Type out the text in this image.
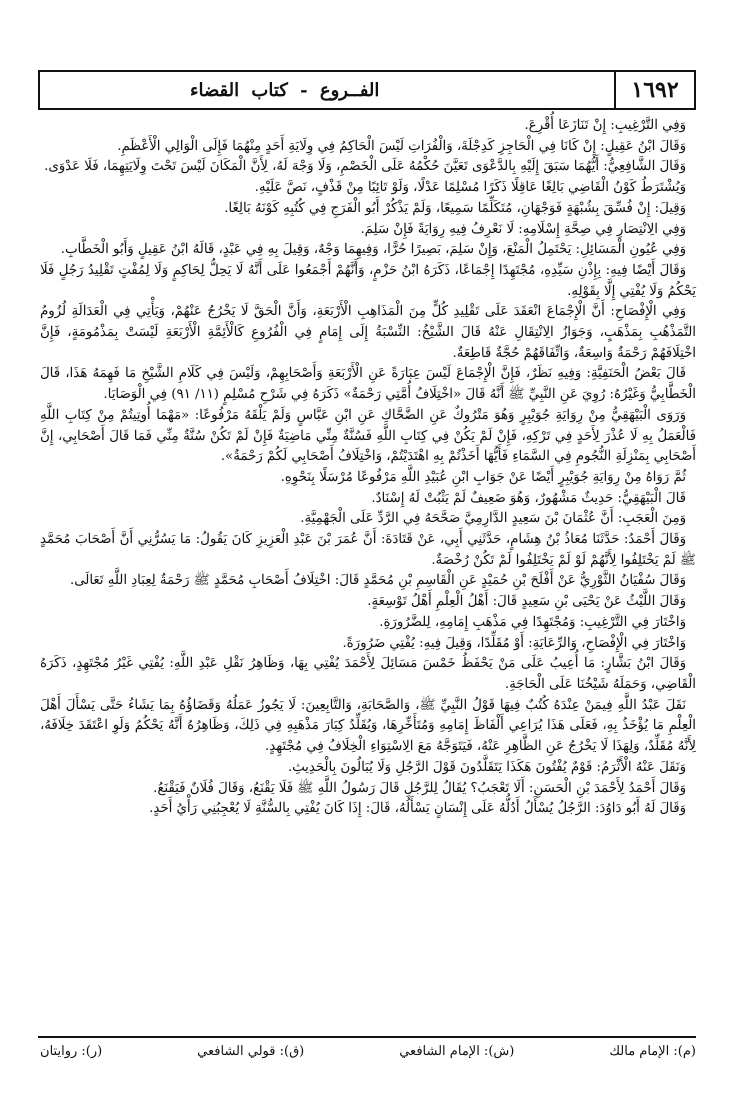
١٦٩٢
الفــروع - كتاب القضاء

وَفِي التَّرْغِيبِ: إِنْ تَنَازَعَا أُقْرِعَ.

وَقَالَ ابْنُ عَقِيلٍ: إِنْ كَانَا فِي الْحَاجِزِ كَدِجْلَةَ، وَالْفُرَاتِ لَيْسَ الْحَاكِمُ فِي وِلَايَةِ أَحَدٍ مِنْهُمَا فَإِلَى الْوَالِي الْأَعْظَمِ.

وَقَالَ الشَّافِعِيُّ: أَيُّهُمَا سَبَقَ إِلَيْهِ بِالدَّعْوَى تَعَيَّنَ حُكْمُهُ عَلَى الْخَصْمِ، وَلَا وَجْهَ لَهُ، لِأَنَّ الْمَكَانَ لَيْسَ تَحْتَ وِلَايَتِهِمَا، فَلَا عَدْوَى.

وَيُشْتَرَطُ كَوْنُ الْقَاضِي بَالِغًا عَاقِلًا ذَكَرًا مُسْلِمًا عَدْلًا، وَلَوْ تَائِبًا مِنْ قَذْفٍ، نَصَّ عَلَيْهِ.

وَقِيلَ: إِنْ فُسِّقَ بِشُبْهَةٍ فَوَجْهَانِ، مُتَكَلِّمًا سَمِيعًا، وَلَمْ يَذْكُرْ أَبُو الْفَرَجِ فِي كُتُبِهِ كَوْنَهُ بَالِغًا.

وَفِي الِانْتِصَارِ فِي صِحَّةِ إِسْلَامِهِ: لَا نَعْرِفُ فِيهِ رِوَايَةً فَإِنْ سَلِمَ.

وَفِي عُيُونِ الْمَسَائِلِ: يَحْتَمِلُ الْمَنْعَ، وَإِنْ سَلِمَ، بَصِيرًا حُرًّا، وَفِيهِمَا وَجْهٌ، وَقِيلَ بِهِ فِي عَبْدٍ، قَالَهُ ابْنُ عَقِيلٍ وَأَبُو الْخَطَّابِ.

وَقَالَ أَيْضًا فِيهِ: بِإِذْنِ سَيِّدِهِ، مُجْتَهِدًا إِجْمَاعًا، ذَكَرَهُ ابْنُ حَزْمٍ، وَأَنَّهُمْ أَجْمَعُوا عَلَى أَنَّهُ لَا يَحِلُّ لِحَاكِمٍ وَلَا لِمُفْتٍ تَقْلِيدُ رَجُلٍ فَلَا يَحْكُمُ وَلَا يُفْتِي إِلَّا بِقَوْلِهِ.

وَفِي الْإِفْصَاحِ: أَنَّ الْإِجْمَاعَ انْعَقَدَ عَلَى تَقْلِيدِ كُلٍّ مِنَ الْمَذَاهِبِ الْأَرْبَعَةِ، وَأَنَّ الْحَقَّ لَا يَخْرُجُ عَنْهُمْ، وَيَأْتِي فِي الْعَدَالَةِ لُزُومُ التَّمَذْهُبِ بِمَذْهَبٍ، وَجَوَازُ الِانْتِقَالِ عَنْهُ قَالَ الشَّيْخُ: النِّسْبَةُ إِلَى إِمَامٍ فِي الْفُرُوعِ كَالْأَئِمَّةِ الْأَرْبَعَةِ لَيْسَتْ بِمَذْمُومَةٍ، فَإِنَّ اخْتِلَافَهُمْ رَحْمَةٌ وَاسِعَةٌ، وَاتِّفَاقَهُمْ حُجَّةٌ قَاطِعَةٌ.

قَالَ بَعْضُ الْحَنَفِيَّةِ: وَفِيهِ نَظَرٌ، فَإِنَّ الْإِجْمَاعَ لَيْسَ عِبَارَةً عَنِ الْأَرْبَعَةِ وَأَصْحَابِهِمْ، وَلَيْسَ فِي كَلَامِ الشَّيْخِ مَا فَهِمَهُ هَذَا، قَالَ الْخَطَّابِيُّ وَغَيْرُهُ: رُوِيَ عَنِ النَّبِيِّ ﷺ أَنَّهُ قَالَ «اخْتِلَافُ أُمَّتِي رَحْمَةٌ» ذَكَرَهُ فِي شَرْحِ مُسْلِمٍ (١١/ ٩١) فِي الْوَصَايَا.

وَرَوَى الْبَيْهَقِيُّ مِنْ رِوَايَةِ جُوَيْبِرٍ وَهُوَ مَتْرُوكٌ عَنِ الضَّحَّاكِ عَنِ ابْنِ عَبَّاسٍ وَلَمْ يَلْقَهُ مَرْفُوعًا: «مَهْمَا أُوتِيتُمْ مِنْ كِتَابِ اللَّهِ فَالْعَمَلُ بِهِ لَا عُذْرَ لِأَحَدٍ فِي تَرْكِهِ، فَإِنْ لَمْ يَكُنْ فِي كِتَابِ اللَّهِ فَسُنَّةٌ مِنِّي مَاضِيَةٌ فَإِنْ لَمْ تَكُنْ سُنَّةٌ مِنِّي فَمَا قَالَ أَصْحَابِي، إِنَّ أَصْحَابِي بِمَنْزِلَةِ النُّجُومِ فِي السَّمَاءِ فَأَيُّهَا أَخَذْتُمْ بِهِ اهْتَدَيْتُمْ، وَاخْتِلَافُ أَصْحَابِي لَكُمْ رَحْمَةٌ».

ثُمَّ رَوَاهُ مِنْ رِوَايَةِ جُوَيْبِرٍ أَيْضًا عَنْ جَوَابِ ابْنِ عُبَيْدِ اللَّهِ مَرْفُوعًا مُرْسَلًا بِنَحْوِهِ.

قَالَ الْبَيْهَقِيُّ: حَدِيثٌ مَشْهُورٌ، وَهُوَ ضَعِيفٌ لَمْ يَثْبُتْ لَهُ إِسْنَادٌ.

وَمِنَ الْعَجَبِ: أَنَّ عُثْمَانَ بْنَ سَعِيدٍ الدَّارِمِيَّ صَحَّحَهُ فِي الرَّدِّ عَلَى الْجَهْمِيَّةِ.

وَقَالَ أَحْمَدُ: حَدَّثَنَا مُعَاذُ بْنُ هِشَامٍ، حَدَّثَنِي أَبِي، عَنْ قَتَادَةَ: أَنَّ عُمَرَ بْنَ عَبْدِ الْعَزِيزِ كَانَ يَقُولُ: مَا يَسُرُّنِي أَنَّ أَصْحَابَ مُحَمَّدٍ ﷺ لَمْ يَخْتَلِفُوا لِأَنَّهُمْ لَوْ لَمْ يَخْتَلِفُوا لَمْ تَكُنْ رُخْصَةٌ.

وَقَالَ سُفْيَانُ الثَّوْرِيُّ عَنْ أَفْلَحَ بْنِ حُمَيْدٍ عَنِ الْقَاسِمِ بْنِ مُحَمَّدٍ قَالَ: اخْتِلَافُ أَصْحَابِ مُحَمَّدٍ ﷺ رَحْمَةٌ لِعِبَادِ اللَّهِ تَعَالَى.

وَقَالَ اللَّيْثُ عَنْ يَحْيَى بْنِ سَعِيدٍ قَالَ: أَهْلُ الْعِلْمِ أَهْلُ تَوْسِعَةٍ.

وَاخْتَارَ فِي التَّرْغِيبِ: وَمُجْتَهِدًا فِي مَذْهَبِ إِمَامِهِ، لِلضَّرُورَةِ.

وَاخْتَارَ فِي الْإِفْصَاحِ، وَالرِّعَايَةِ: أَوْ مُقَلِّدًا، وَقِيلَ فِيهِ: يُفْتِي ضَرُورَةً.

وَقَالَ ابْنُ بَشَّارٍ: مَا أُعِيبُ عَلَى مَنْ يَحْفَظُ خَمْسَ مَسَائِلَ لِأَحْمَدَ يُفْتِي بِهَا، وَظَاهِرُ نَقْلِ عَبْدِ اللَّهِ: يُفْتِي غَيْرُ مُجْتَهِدٍ، ذَكَرَهُ الْقَاضِي، وَحَمَلَهُ شَيْخُنَا عَلَى الْحَاجَةِ.

نَقَلَ عَبْدُ اللَّهِ فِيمَنْ عِنْدَهُ كُتُبٌ فِيهَا قَوْلُ النَّبِيِّ ﷺ، وَالصَّحَابَةِ، وَالتَّابِعِينَ: لَا يَجُوزُ عَمَلُهُ وَقَضَاؤُهُ بِمَا يَشَاءُ حَتَّى يَسْأَلَ أَهْلَ الْعِلْمِ مَا يُؤْخَذُ بِهِ، فَعَلَى هَذَا يُرَاعِي أَلْفَاظَ إِمَامِهِ وَمُتَأَخِّرِهَا، وَيُقَلِّدُ كِبَارَ مَذْهَبِهِ فِي ذَلِكَ، وَظَاهِرُهُ أَنَّهُ يَحْكُمُ وَلَوِ اعْتَقَدَ خِلَافَهُ، لِأَنَّهُ مُقَلِّدٌ، وَلِهَذَا لَا يَخْرُجُ عَنِ الظَّاهِرِ عَنْهُ، فَيَتَوَجَّهُ مَعَ الِاسْتِوَاءِ الْخِلَافُ فِي مُجْتَهِدٍ.

وَنَقَلَ عَنْهُ الْأَثْرَمُ: قَوْمٌ يُفْتُونَ هَكَذَا يَتَقَلَّدُونَ قَوْلَ الرَّجُلِ وَلَا يُبَالُونَ بِالْحَدِيثِ.

وَقَالَ أَحْمَدُ لِأَحْمَدَ بْنِ الْحَسَنِ: أَلَا تَعْجَبُ؟ يُقَالُ لِلرَّجُلِ قَالَ رَسُولُ اللَّهِ ﷺ فَلَا يَقْنَعُ، وَقَالَ فُلَانٌ فَيَقْنَعُ.

وَقَالَ لَهُ أَبُو دَاوُدَ: الرَّجُلُ يُسْأَلُ أَدُلُّهُ عَلَى إِنْسَانٍ يَسْأَلُهُ، قَالَ: إِذَا كَانَ يُفْتِي بِالسُّنَّةِ لَا يُعْجِبُنِي رَأْيُ أَحَدٍ.

(م): الإمام مالك
(ش): الإمام الشافعي
(ق): قولي الشافعي
(ر): روايتان
